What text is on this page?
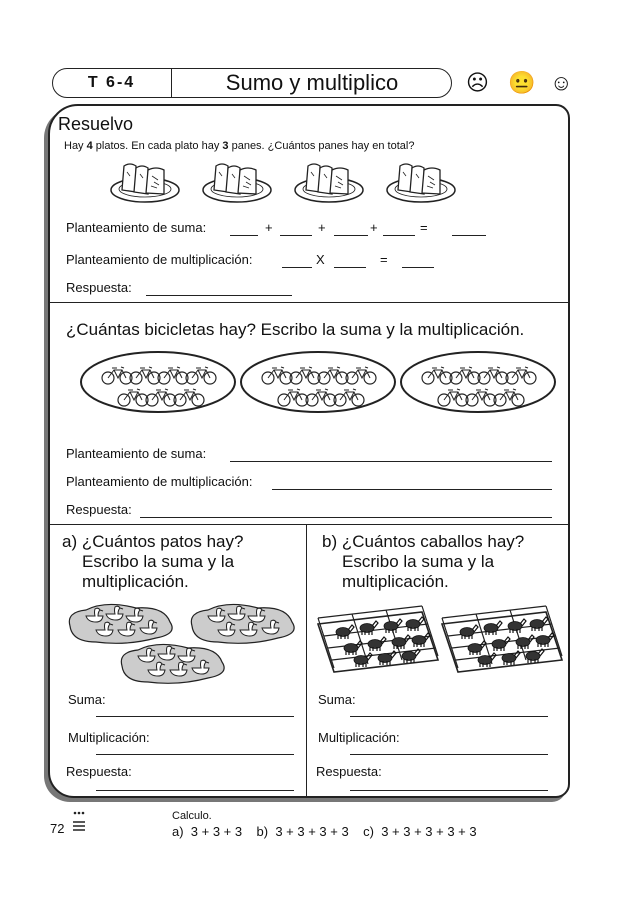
T 6-4	Sumo y multiplico	☹ 😐 ☺
Resuelvo
Hay 4 platos. En cada plato hay 3 panes. ¿Cuántos panes hay en total?
Planteamiento de suma:	+	+	+	=
Planteamiento de multiplicación:	X	=
Respuesta:
¿Cuántas bicicletas hay? Escribo la suma y la multiplicación.
Planteamiento de suma:
Planteamiento de multiplicación:
Respuesta:
a) ¿Cuántos patos hay?
Escribo la suma y la
multiplicación.
Suma:
Multiplicación:
Respuesta:
b) ¿Cuántos caballos hay?
Escribo la suma y la
multiplicación.
Suma:
Multiplicación:
Respuesta:
72
Calculo.
a)  3 + 3 + 3    b)  3 + 3 + 3 + 3    c)  3 + 3 + 3 + 3 + 3
